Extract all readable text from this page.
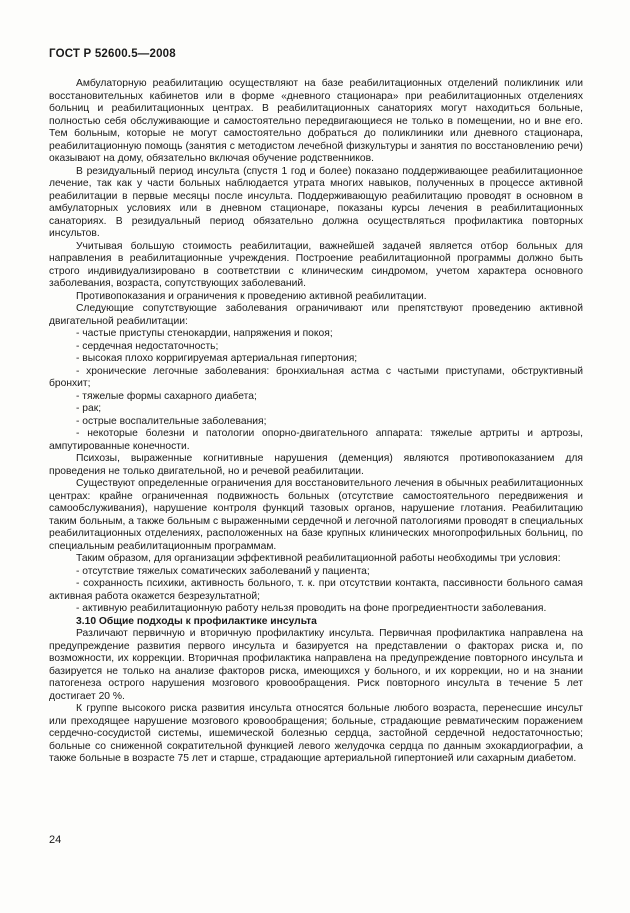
ГОСТ Р 52600.5—2008

Амбулаторную реабилитацию осуществляют на базе реабилитационных отделений поликлиник или восстановительных кабинетов или в форме «дневного стационара» при реабилитационных отделениях больниц и реабилитационных центрах. В реабилитационных санаториях могут находиться больные, полностью себя обслуживающие и самостоятельно передвигающиеся не только в помещении, но и вне его. Тем больным, которые не могут самостоятельно добраться до поликлиники или дневного стационара, реабилитационную помощь (занятия с методистом лечебной физкультуры и занятия по восстановлению речи) оказывают на дому, обязательно включая обучение родственников.

В резидуальный период инсульта (спустя 1 год и более) показано поддерживающее реабилитационное лечение, так как у части больных наблюдается утрата многих навыков, полученных в процессе активной реабилитации в первые месяцы после инсульта. Поддерживающую реабилитацию проводят в основном в амбулаторных условиях или в дневном стационаре, показаны курсы лечения в реабилитационных санаториях. В резидуальный период обязательно должна осуществляться профилактика повторных инсультов.

Учитывая большую стоимость реабилитации, важнейшей задачей является отбор больных для направления в реабилитационные учреждения. Построение реабилитационной программы должно быть строго индивидуализировано в соответствии с клиническим синдромом, учетом характера основного заболевания, возраста, сопутствующих заболеваний.

Противопоказания и ограничения к проведению активной реабилитации.

Следующие сопутствующие заболевания ограничивают или препятствуют проведению активной двигательной реабилитации:

- частые приступы стенокардии, напряжения и покоя;

- сердечная недостаточность;

- высокая плохо корригируемая артериальная гипертония;

- хронические легочные заболевания: бронхиальная астма с частыми приступами, обструктивный бронхит;

- тяжелые формы сахарного диабета;

- рак;

- острые воспалительные заболевания;

- некоторые болезни и патологии опорно-двигательного аппарата: тяжелые артриты и артрозы, ампутированные конечности.

Психозы, выраженные когнитивные нарушения (деменция) являются противопоказанием для проведения не только двигательной, но и речевой реабилитации.

Существуют определенные ограничения для восстановительного лечения в обычных реабилитационных центрах: крайне ограниченная подвижность больных (отсутствие самостоятельного передвижения и самообслуживания), нарушение контроля функций тазовых органов, нарушение глотания. Реабилитацию таким больным, а также больным с выраженными сердечной и легочной патологиями проводят в специальных реабилитационных отделениях, расположенных на базе крупных клинических многопрофильных больниц, по специальным реабилитационным программам.

Таким образом, для организации эффективной реабилитационной работы необходимы три условия:

- отсутствие тяжелых соматических заболеваний у пациента;

- сохранность психики, активность больного, т. к. при отсутствии контакта, пассивности больного самая активная работа окажется безрезультатной;

- активную реабилитационную работу нельзя проводить на фоне прогредиентности заболевания.

3.10 Общие подходы к профилактике инсульта

Различают первичную и вторичную профилактику инсульта. Первичная профилактика направлена на предупреждение развития первого инсульта и базируется на представлении о факторах риска и, по возможности, их коррекции. Вторичная профилактика направлена на предупреждение повторного инсульта и базируется не только на анализе факторов риска, имеющихся у больного, и их коррекции, но и на знании патогенеза острого нарушения мозгового кровообращения. Риск повторного инсульта в течение 5 лет достигает 20 %.

К группе высокого риска развития инсульта относятся больные любого возраста, перенесшие инсульт или преходящее нарушение мозгового кровообращения; больные, страдающие ревматическим поражением сердечно-сосудистой системы, ишемической болезнью сердца, застойной сердечной недостаточностью; больные со сниженной сократительной функцией левого желудочка сердца по данным эхокардиографии, а также больные в возрасте 75 лет и старше, страдающие артериальной гипертонией или сахарным диабетом.

24
